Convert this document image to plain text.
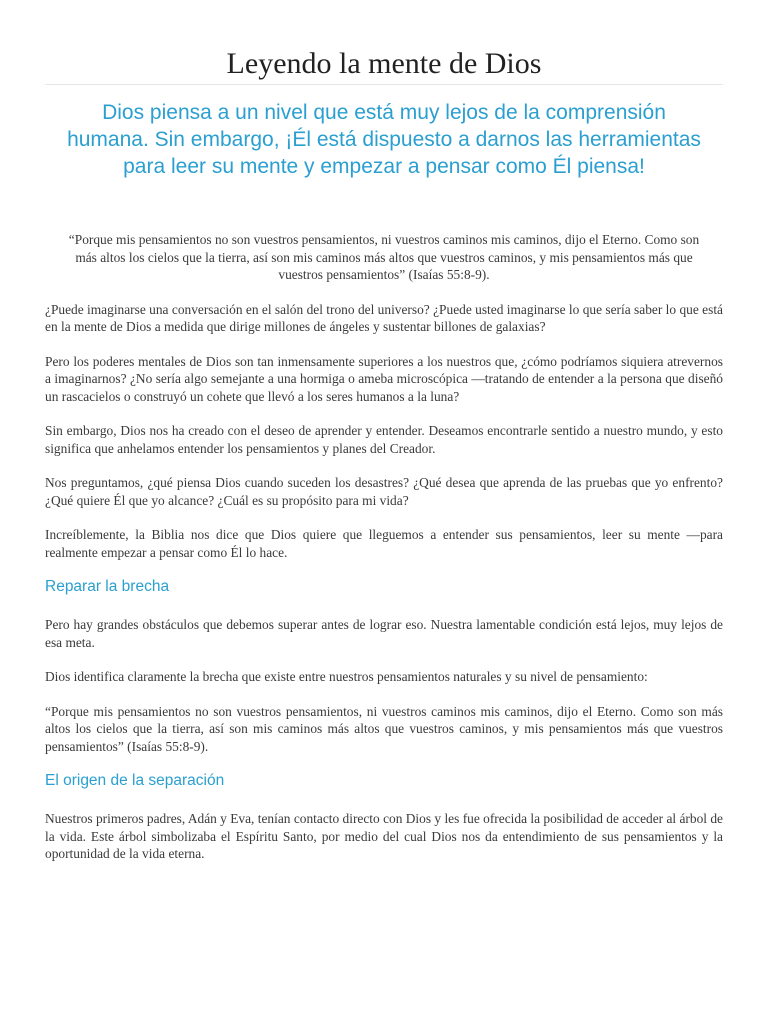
Leyendo la mente de Dios

Dios piensa a un nivel que está muy lejos de la comprensión humana. Sin embargo, ¡Él está dispuesto a darnos las herramientas para leer su mente y empezar a pensar como Él piensa!

“Porque mis pensamientos no son vuestros pensamientos, ni vuestros caminos mis caminos, dijo el Eterno. Como son más altos los cielos que la tierra, así son mis caminos más altos que vuestros caminos, y mis pensamientos más que vuestros pensamientos” (Isaías 55:8-9).

¿Puede imaginarse una conversación en el salón del trono del universo? ¿Puede usted imaginarse lo que sería saber lo que está en la mente de Dios a medida que dirige millones de ángeles y sustentar billones de galaxias?

Pero los poderes mentales de Dios son tan inmensamente superiores a los nuestros que, ¿cómo podríamos siquiera atrevernos a imaginarnos? ¿No sería algo semejante a una hormiga o ameba microscópica —tratando de entender a la persona que diseñó un rascacielos o construyó un cohete que llevó a los seres humanos a la luna?

Sin embargo, Dios nos ha creado con el deseo de aprender y entender. Deseamos encontrarle sentido a nuestro mundo, y esto significa que anhelamos entender los pensamientos y planes del Creador.

Nos preguntamos, ¿qué piensa Dios cuando suceden los desastres? ¿Qué desea que aprenda de las pruebas que yo enfrento? ¿Qué quiere Él que yo alcance? ¿Cuál es su propósito para mi vida?

Increíblemente, la Biblia nos dice que Dios quiere que lleguemos a entender sus pensamientos, leer su mente —para realmente empezar a pensar como Él lo hace.

Reparar la brecha

Pero hay grandes obstáculos que debemos superar antes de lograr eso. Nuestra lamentable condición está lejos, muy lejos de esa meta.

Dios identifica claramente la brecha que existe entre nuestros pensamientos naturales y su nivel de pensamiento:

“Porque mis pensamientos no son vuestros pensamientos, ni vuestros caminos mis caminos, dijo el Eterno. Como son más altos los cielos que la tierra, así son mis caminos más altos que vuestros caminos, y mis pensamientos más que vuestros pensamientos” (Isaías 55:8-9).

El origen de la separación

Nuestros primeros padres, Adán y Eva, tenían contacto directo con Dios y les fue ofrecida la posibilidad de acceder al árbol de la vida. Este árbol simbolizaba el Espíritu Santo, por medio del cual Dios nos da entendimiento de sus pensamientos y la oportunidad de la vida eterna.
